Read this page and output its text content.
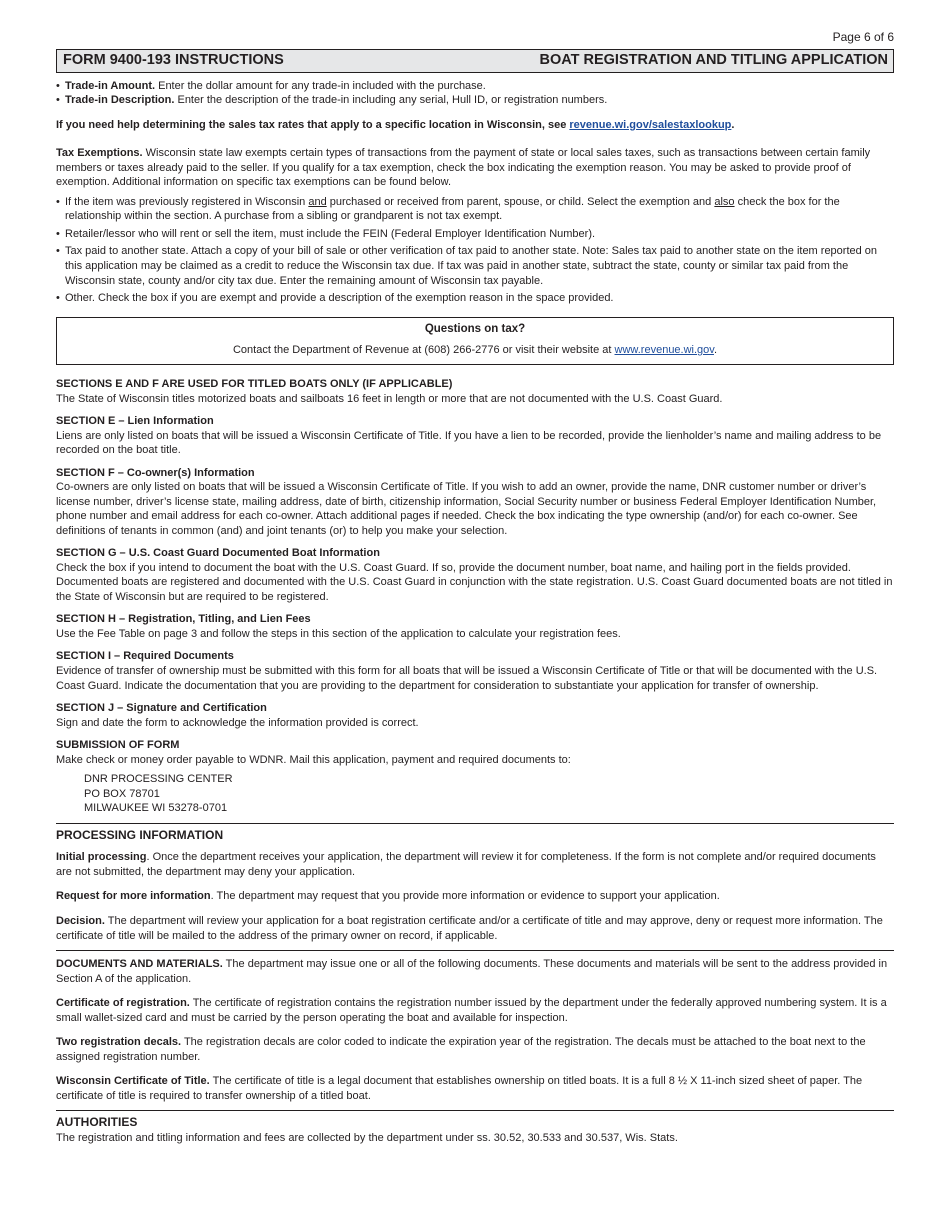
Page 6 of 6
FORM 9400-193 INSTRUCTIONS	BOAT REGISTRATION AND TITLING APPLICATION
• Trade-in Amount. Enter the dollar amount for any trade-in included with the purchase.
• Trade-in Description. Enter the description of the trade-in including any serial, Hull ID, or registration numbers.

If you need help determining the sales tax rates that apply to a specific location in Wisconsin, see revenue.wi.gov/salestaxlookup.

Tax Exemptions. Wisconsin state law exempts certain types of transactions from the payment of state or local sales taxes, such as transactions between certain family members or taxes already paid to the seller. If you qualify for a tax exemption, check the box indicating the exemption reason. You may be asked to provide proof of exemption. Additional information on specific tax exemptions can be found below.

• If the item was previously registered in Wisconsin and purchased or received from parent, spouse, or child. Select the exemption and also check the box for the relationship within the section. A purchase from a sibling or grandparent is not tax exempt.
• Retailer/lessor who will rent or sell the item, must include the FEIN (Federal Employer Identification Number).
• Tax paid to another state. Attach a copy of your bill of sale or other verification of tax paid to another state. Note: Sales tax paid to another state on the item reported on this application may be claimed as a credit to reduce the Wisconsin tax due. If tax was paid in another state, subtract the state, county or similar tax paid from the Wisconsin state, county and/or city tax due. Enter the remaining amount of Wisconsin tax payable.
• Other. Check the box if you are exempt and provide a description of the exemption reason in the space provided.
Questions on tax?
Contact the Department of Revenue at (608) 266-2776 or visit their website at www.revenue.wi.gov.
SECTIONS E AND F ARE USED FOR TITLED BOATS ONLY (IF APPLICABLE)
The State of Wisconsin titles motorized boats and sailboats 16 feet in length or more that are not documented with the U.S. Coast Guard.
SECTION E – Lien Information
Liens are only listed on boats that will be issued a Wisconsin Certificate of Title. If you have a lien to be recorded, provide the lienholder’s name and mailing address to be recorded on the boat title.
SECTION F – Co-owner(s) Information
Co-owners are only listed on boats that will be issued a Wisconsin Certificate of Title. If you wish to add an owner, provide the name, DNR customer number or driver’s license number, driver’s license state, mailing address, date of birth, citizenship information, Social Security number or business Federal Employer Identification Number, phone number and email address for each co-owner. Attach additional pages if needed. Check the box indicating the type ownership (and/or) for each co-owner. See definitions of tenants in common (and) and joint tenants (or) to help you make your selection.
SECTION G – U.S. Coast Guard Documented Boat Information
Check the box if you intend to document the boat with the U.S. Coast Guard. If so, provide the document number, boat name, and hailing port in the fields provided. Documented boats are registered and documented with the U.S. Coast Guard in conjunction with the state registration. U.S. Coast Guard documented boats are not titled in the State of Wisconsin but are required to be registered.
SECTION H – Registration, Titling, and Lien Fees
Use the Fee Table on page 3 and follow the steps in this section of the application to calculate your registration fees.
SECTION I – Required Documents
Evidence of transfer of ownership must be submitted with this form for all boats that will be issued a Wisconsin Certificate of Title or that will be documented with the U.S. Coast Guard. Indicate the documentation that you are providing to the department for consideration to substantiate your application for transfer of ownership.
SECTION J – Signature and Certification
Sign and date the form to acknowledge the information provided is correct.
SUBMISSION OF FORM
Make check or money order payable to WDNR. Mail this application, payment and required documents to:
DNR PROCESSING CENTER
PO BOX 78701
MILWAUKEE WI 53278-0701
PROCESSING INFORMATION

Initial processing. Once the department receives your application, the department will review it for completeness. If the form is not complete and/or required documents are not submitted, the department may deny your application.

Request for more information. The department may request that you provide more information or evidence to support your application.

Decision. The department will review your application for a boat registration certificate and/or a certificate of title and may approve, deny or request more information. The certificate of title will be mailed to the address of the primary owner on record, if applicable.

DOCUMENTS AND MATERIALS. The department may issue one or all of the following documents. These documents and materials will be sent to the address provided in Section A of the application.

Certificate of registration. The certificate of registration contains the registration number issued by the department under the federally approved numbering system. It is a small wallet-sized card and must be carried by the person operating the boat and available for inspection.

Two registration decals. The registration decals are color coded to indicate the expiration year of the registration. The decals must be attached to the boat next to the assigned registration number.

Wisconsin Certificate of Title. The certificate of title is a legal document that establishes ownership on titled boats. It is a full 8 ½ X 11-inch sized sheet of paper. The certificate of title is required to transfer ownership of a titled boat.

AUTHORITIES

The registration and titling information and fees are collected by the department under ss. 30.52, 30.533 and 30.537, Wis. Stats.
